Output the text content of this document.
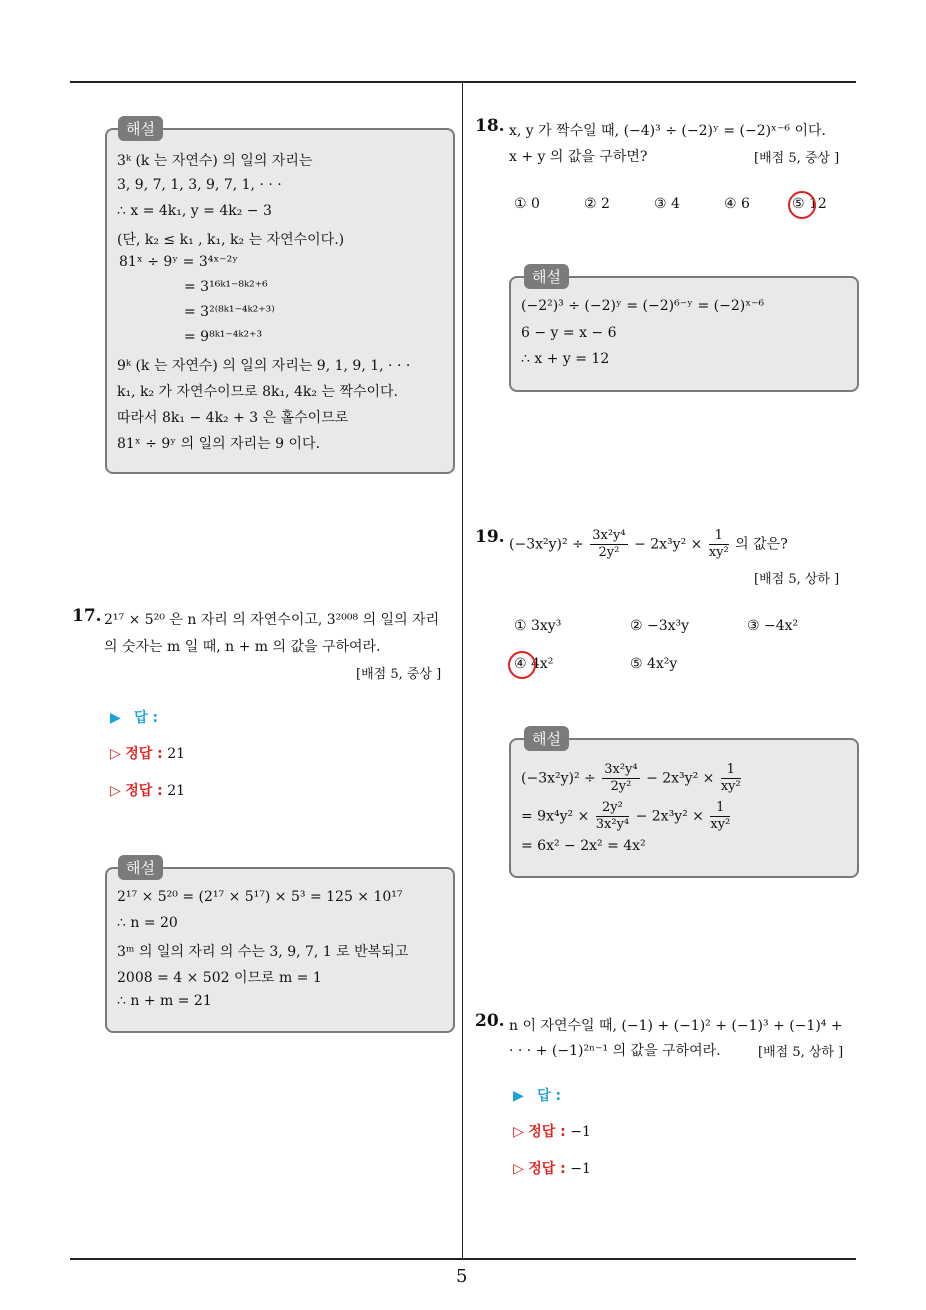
5
해설
3ᵏ (k 는 자연수) 의 일의 자리는
3, 9, 7, 1, 3, 9, 7, 1, · · ·
∴ x = 4k₁, y = 4k₂ − 3
(단, k₂ ≤ k₁ , k₁, k₂ 는 자연수이다.)
81ˣ ÷ 9ʸ = 3⁴ˣ⁻²ʸ
= 3¹⁶ᵏ¹⁻⁸ᵏ²⁺⁶
= 3²⁽⁸ᵏ¹⁻⁴ᵏ²⁺³⁾
= 9⁸ᵏ¹⁻⁴ᵏ²⁺³
9ᵏ (k 는 자연수) 의 일의 자리는 9, 1, 9, 1, · · ·
k₁, k₂ 가 자연수이므로 8k₁, 4k₂ 는 짝수이다.
따라서 8k₁ − 4k₂ + 3 은 홀수이므로
81ˣ ÷ 9ʸ 의 일의 자리는 9 이다.
17. 2¹⁷ × 5²⁰ 은 n 자리 의 자연수이고, 3²⁰⁰⁸ 의 일의 자리
의 숫자는 m 일 때, n + m 의 값을 구하여라.
[배점 5, 중상 ]
▶ 답 :
▷ 정답 : 21
▷ 정답 : 21
해설
2¹⁷ × 5²⁰ = (2¹⁷ × 5¹⁷) × 5³ = 125 × 10¹⁷
∴ n = 20
3ᵐ 의 일의 자리 의 수는 3, 9, 7, 1 로 반복되고
2008 = 4 × 502 이므로 m = 1
∴ n + m = 21
18. x, y 가 짝수일 때, (−4)³ ÷ (−2)ʸ = (−2)ˣ⁻⁶ 이다.
x + y 의 값을 구하면?	[배점 5, 중상 ]
① 0	② 2	③ 4	④ 6	⑤ 12
해설
(−2²)³ ÷ (−2)ʸ = (−2)⁶⁻ʸ = (−2)ˣ⁻⁶
6 − y = x − 6
∴ x + y = 12
19. $(-3x^2y)^2 \div \frac{\text{3x²y⁴}}{\text{2y²}} - 2x^3y^2 \times \frac{1}{\text{xy²}}$ 의 값은?
[배점 5, 상하 ]
① 3xy³	② −3x³y	③ −4x²
④ 4x²	⑤ 4x²y
해설
$(-3x^2y)^2 \div \frac{\text{3x²y⁴}}{\text{2y²}} - 2x^3y^2 \times \frac{1}{\text{xy²}}$
= $9x^4y^2 \times \frac{\text{2y²}}{\text{3x²y⁴}} - 2x^3y^2 \times \frac{1}{\text{xy²}}$
= 6x² − 2x² = 4x²
20. n 이 자연수일 때, (−1) + (−1)² + (−1)³ + (−1)⁴ +
· · · + (−1)²ⁿ⁻¹ 의 값을 구하여라.	[배점 5, 상하 ]
▶ 답 :
▷ 정답 : −1
▷ 정답 : −1
